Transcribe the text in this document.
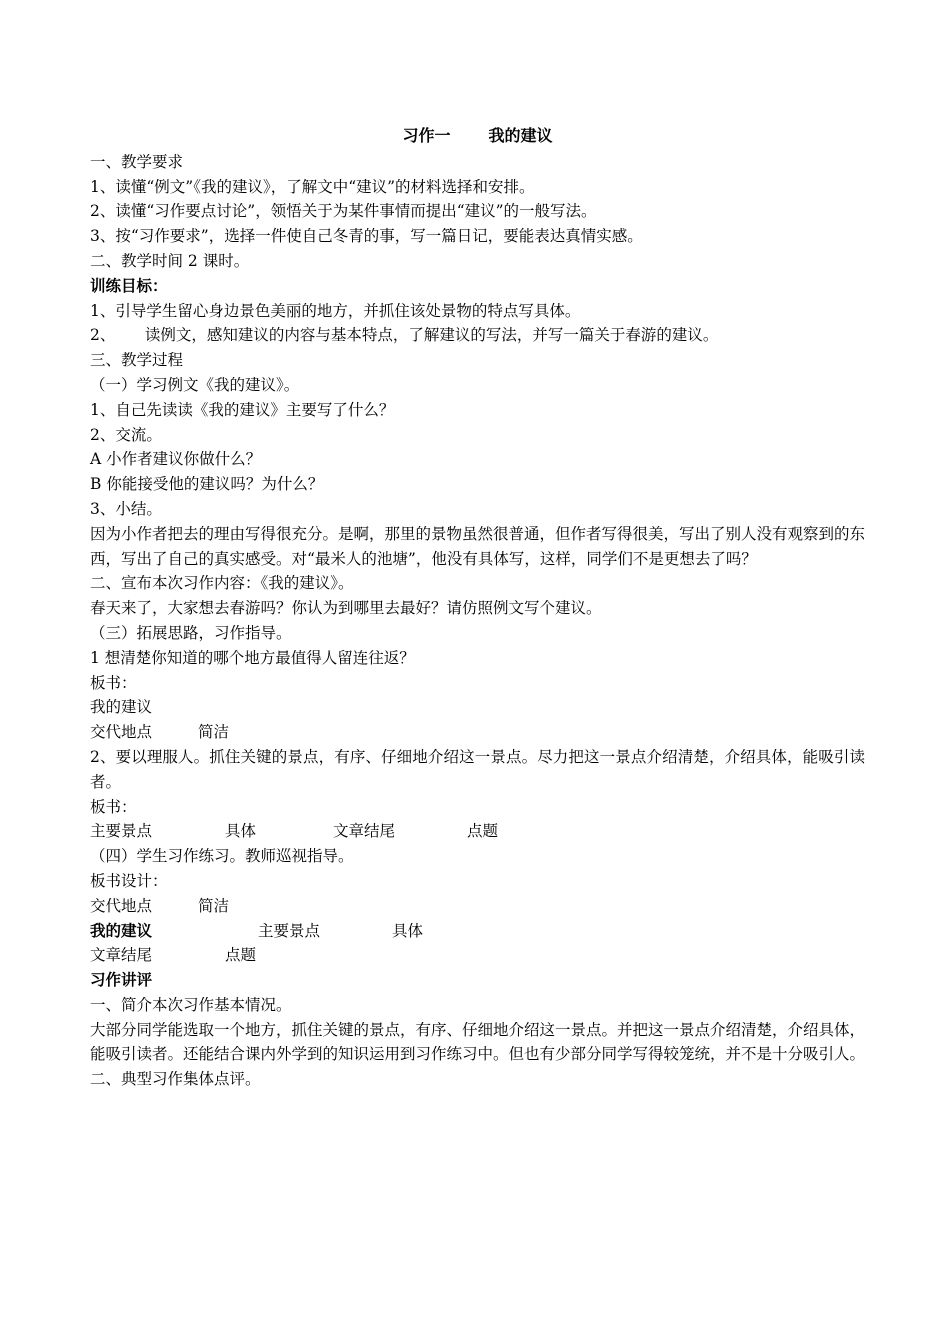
习作一 我的建议
一、教学要求
1、读懂“例文”《我的建议》，了解文中“建议”的材料选择和安排。
2、读懂“习作要点讨论”，领悟关于为某件事情而提出“建议”的一般写法。
3、按“习作要求”，选择一件使自己冬青的事，写一篇日记，要能表达真情实感。
二、教学时间 2 课时。
训练目标：
1、引导学生留心身边景色美丽的地方，并抓住该处景物的特点写具体。
2、      读例文，感知建议的内容与基本特点，了解建议的写法，并写一篇关于春游的建议。
三、教学过程
（一）学习例文《我的建议》。
1、自己先读读《我的建议》主要写了什么？
2、交流。
A 小作者建议你做什么？
B 你能接受他的建议吗？为什么？
3、小结。
因为小作者把去的理由写得很充分。是啊，那里的景物虽然很普通，但作者写得很美，写出了别人没有观察到的东西，写出了自己的真实感受。对“最米人的池塘”，他没有具体写，这样，同学们不是更想去了吗？
二、宣布本次习作内容：《我的建议》。
春天来了，大家想去春游吗？你认为到哪里去最好？请仿照例文写个建议。
（三）拓展思路，习作指导。
1 想清楚你知道的哪个地方最值得人留连往返？
板书：
我的建议
交代地点	简洁
2、要以理服人。抓住关键的景点，有序、仔细地介绍这一景点。尽力把这一景点介绍清楚，介绍具体，能吸引读者。
板书：
主要景点	具体	文章结尾	点题
（四）学生习作练习。教师巡视指导。
板书设计：
交代地点	简洁
我的建议	主要景点	具体
文章结尾	点题
习作讲评
一、简介本次习作基本情况。
大部分同学能选取一个地方，抓住关键的景点，有序、仔细地介绍这一景点。并把这一景点介绍清楚，介绍具体，能吸引读者。还能结合课内外学到的知识运用到习作练习中。但也有少部分同学写得较笼统，并不是十分吸引人。
二、典型习作集体点评。
